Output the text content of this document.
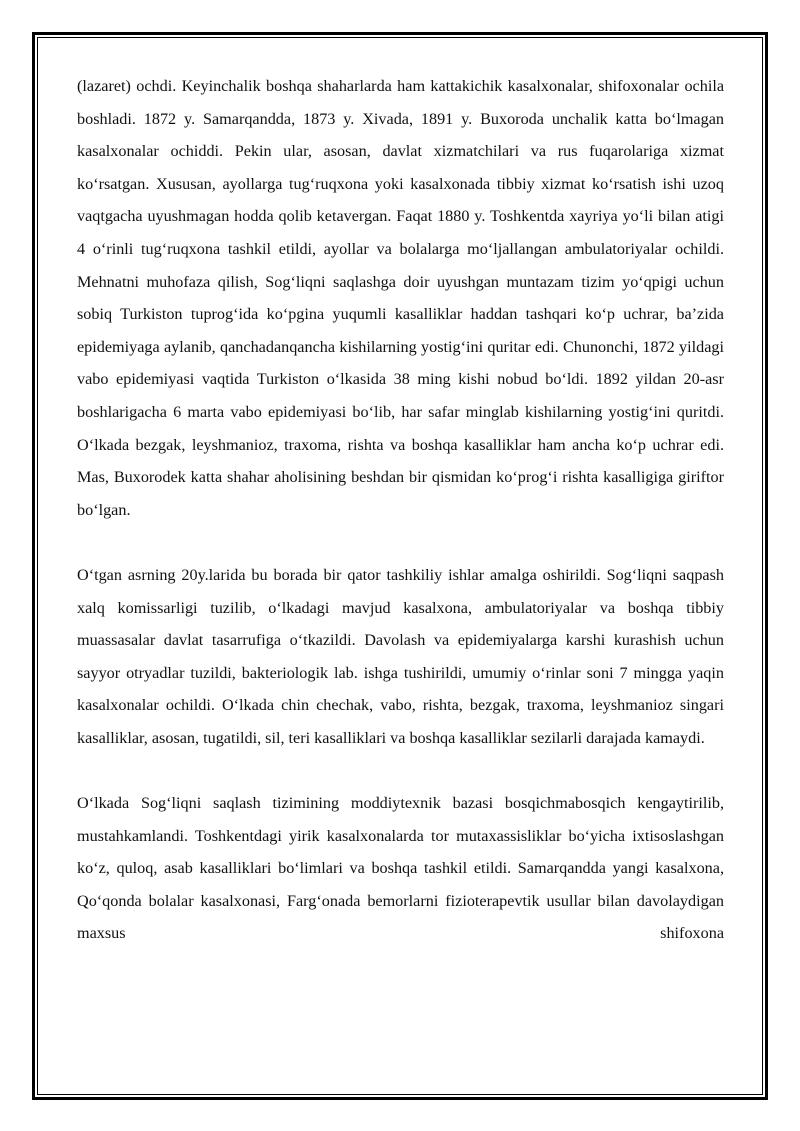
(lazaret) ochdi. Keyinchalik boshqa shaharlarda ham kattakichik kasalxonalar, shifoxonalar ochila boshladi. 1872 y. Samarqandda, 1873 y. Xivada, 1891 y. Buxoroda unchalik katta bo‘lmagan kasalxonalar ochiddi. Pekin ular, asosan, davlat xizmatchilari va rus fuqarolariga xizmat ko‘rsatgan. Xususan, ayollarga tug‘ruqxona yoki kasalxonada tibbiy xizmat ko‘rsatish ishi uzoq vaqtgacha uyushmagan hodda qolib ketavergan. Faqat 1880 y. Toshkentda xayriya yo‘li bilan atigi 4 o‘rinli tug‘ruqxona tashkil etildi, ayollar va bolalarga mo‘ljallangan ambulatoriyalar ochildi. Mehnatni muhofaza qilish, Sog‘liqni saqlashga doir uyushgan muntazam tizim yo‘qpigi uchun sobiq Turkiston tuprog‘ida ko‘pgina yuqumli kasalliklar haddan tashqari ko‘p uchrar, ba’zida epidemiyaga aylanib, qanchadanqancha kishilarning yostig‘ini quritar edi. Chunonchi, 1872 yildagi vabo epidemiyasi vaqtida Turkiston o‘lkasida 38 ming kishi nobud bo‘ldi. 1892 yildan 20-asr boshlarigacha 6 marta vabo epidemiyasi bo‘lib, har safar minglab kishilarning yostig‘ini quritdi. O‘lkada bezgak, leyshmanioz, traxoma, rishta va boshqa kasalliklar ham ancha ko‘p uchrar edi. Mas, Buxorodek katta shahar aholisining beshdan bir qismidan ko‘prog‘i rishta kasalligiga giriftor bo‘lgan.

O‘tgan asrning 20y.larida bu borada bir qator tashkiliy ishlar amalga oshirildi. Sog‘liqni saqpash xalq komissarligi tuzilib, o‘lkadagi mavjud kasalxona, ambulatoriyalar va boshqa tibbiy muassasalar davlat tasarrufiga o‘tkazildi. Davolash va epidemiyalarga karshi kurashish uchun sayyor otryadlar tuzildi, bakteriologik lab. ishga tushirildi, umumiy o‘rinlar soni 7 mingga yaqin kasalxonalar ochildi. O‘lkada chin chechak, vabo, rishta, bezgak, traxoma, leyshmanioz singari kasalliklar, asosan, tugatildi, sil, teri kasalliklari va boshqa kasalliklar sezilarli darajada kamaydi.

O‘lkada Sog‘liqni saqlash tizimining moddiytexnik bazasi bosqichmabosqich kengaytirilib, mustahkamlandi. Toshkentdagi yirik kasalxonalarda tor mutaxassisliklar bo‘yicha ixtisoslashgan ko‘z, quloq, asab kasalliklari bo‘limlari va boshqa tashkil etildi. Samarqandda yangi kasalxona, Qo‘qonda bolalar kasalxonasi, Farg‘onada bemorlarni fizioterapevtik usullar bilan davolaydigan maxsus shifoxona
